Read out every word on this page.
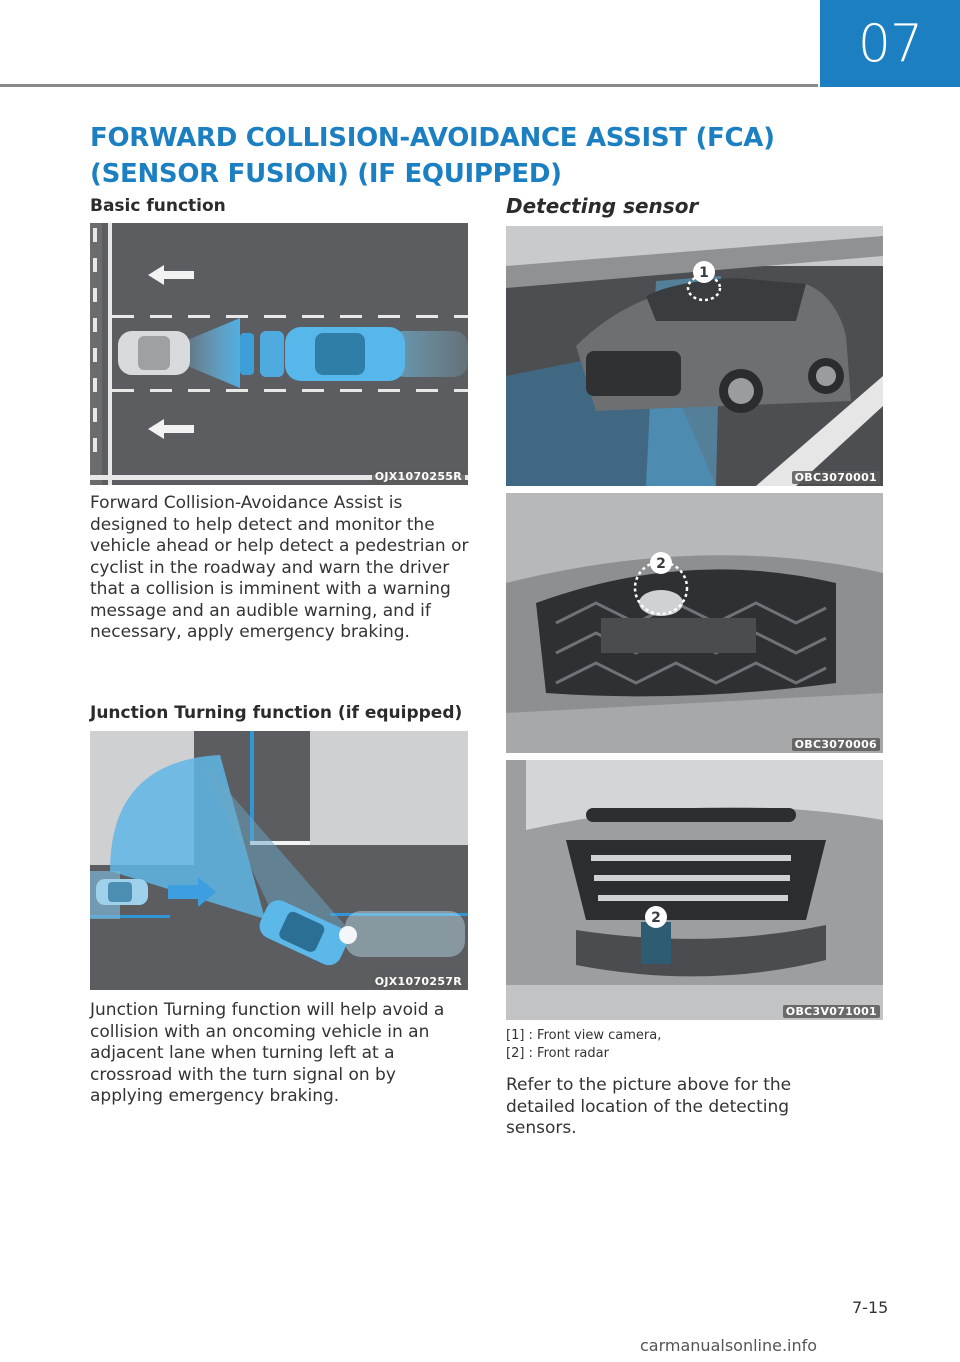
07
FORWARD COLLISION-AVOIDANCE ASSIST (FCA) (SENSOR FUSION) (IF EQUIPPED)
Basic function
OJX1070255R
Forward Collision-Avoidance Assist is designed to help detect and monitor the vehicle ahead or help detect a pedestrian or cyclist in the roadway and warn the driver that a collision is imminent with a warning message and an audible warning, and if necessary, apply emergency braking.
Junction Turning function (if equipped)
OJX1070257R
Junction Turning function will help avoid a collision with an oncoming vehicle in an adjacent lane when turning left at a crossroad with the turn signal on by applying emergency braking.
Detecting sensor
1
OBC3070001
2
OBC3070006
2
OBC3V071001
[1] : Front view camera,
[2] : Front radar
Refer to the picture above for the detailed location of the detecting sensors.
7-15
carmanualsonline.info
